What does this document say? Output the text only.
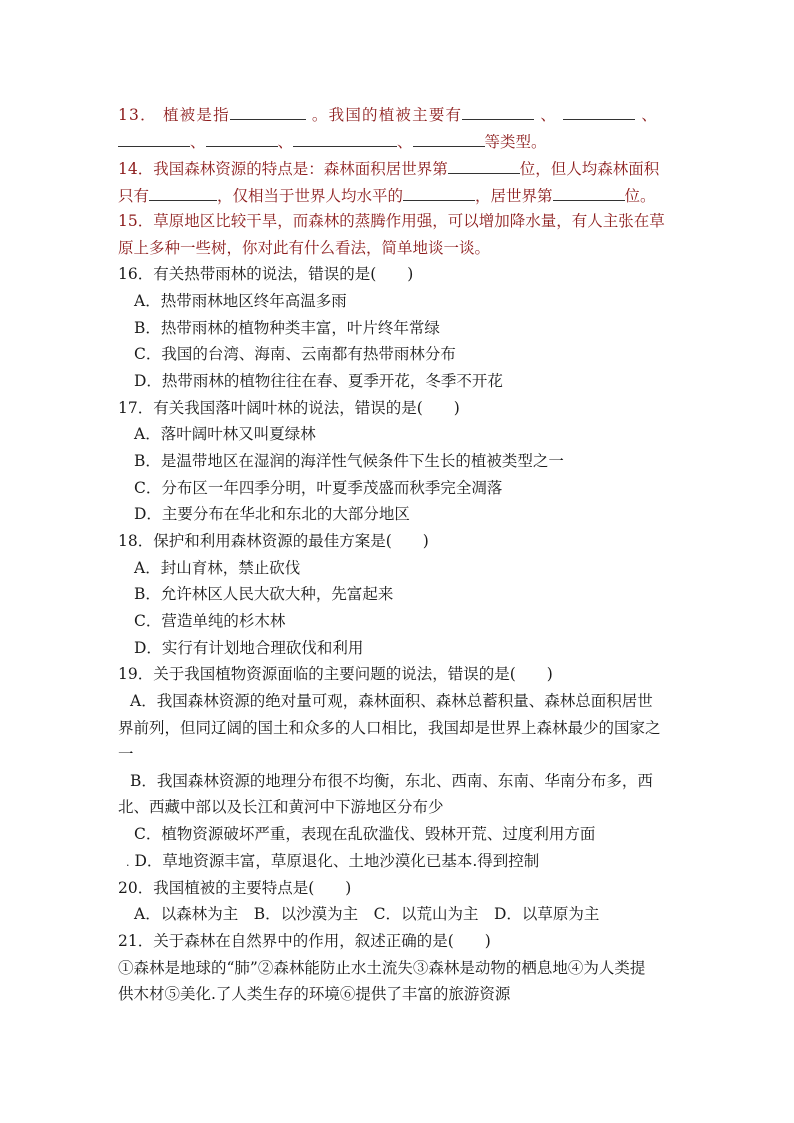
13． 植被是指	。我国的植被主要有	、	、
、	、	、	等类型。
14．我国森林资源的特点是：森林面积居世界第	位，但人均森林面积
只有	，仅相当于世界人均水平的	，居世界第	位。
15．草原地区比较干旱，而森林的蒸腾作用强，可以增加降水量，有人主张在草
原上多种一些树，你对此有什么看法，简单地谈一谈。
16．有关热带雨林的说法，错误的是(　　)
A．热带雨林地区终年高温多雨
B．热带雨林的植物种类丰富，叶片终年常绿
C．我国的台湾、海南、云南都有热带雨林分布
D．热带雨林的植物往往在春、夏季开花，冬季不开花
17．有关我国落叶阔叶林的说法，错误的是(　　)
A．落叶阔叶林又叫夏绿林
B．是温带地区在湿润的海洋性气候条件下生长的植被类型之一
C．分布区一年四季分明，叶夏季茂盛而秋季完全凋落
D．主要分布在华北和东北的大部分地区
18．保护和利用森林资源的最佳方案是(　　)
A．封山育林，禁止砍伐
B．允许林区人民大砍大种，先富起来
C．营造单纯的杉木林
D．实行有计划地合理砍伐和利用
19．关于我国植物资源面临的主要问题的说法，错误的是(　　)
A．我国森林资源的绝对量可观，森林面积、森林总蓄积量、森林总面积居世
界前列，但同辽阔的国土和众多的人口相比，我国却是世界上森林最少的国家之
一
B．我国森林资源的地理分布很不均衡，东北、西南、东南、华南分布多，西
北、西藏中部以及长江和黄河中下游地区分布少
C．植物资源破坏严重，表现在乱砍滥伐、毁林开荒、过度利用方面
. D．草地资源丰富，草原退化、土地沙漠化已基本.得到控制
20．我国植被的主要特点是(　　)
A．以森林为主　B．以沙漠为主　C．以荒山为主　D．以草原为主
21．关于森林在自然界中的作用，叙述正确的是(　　)
①森林是地球的“肺”②森林能防止水土流失③森林是动物的栖息地④为人类提
供木材⑤美化.了人类生存的环境⑥提供了丰富的旅游资源
